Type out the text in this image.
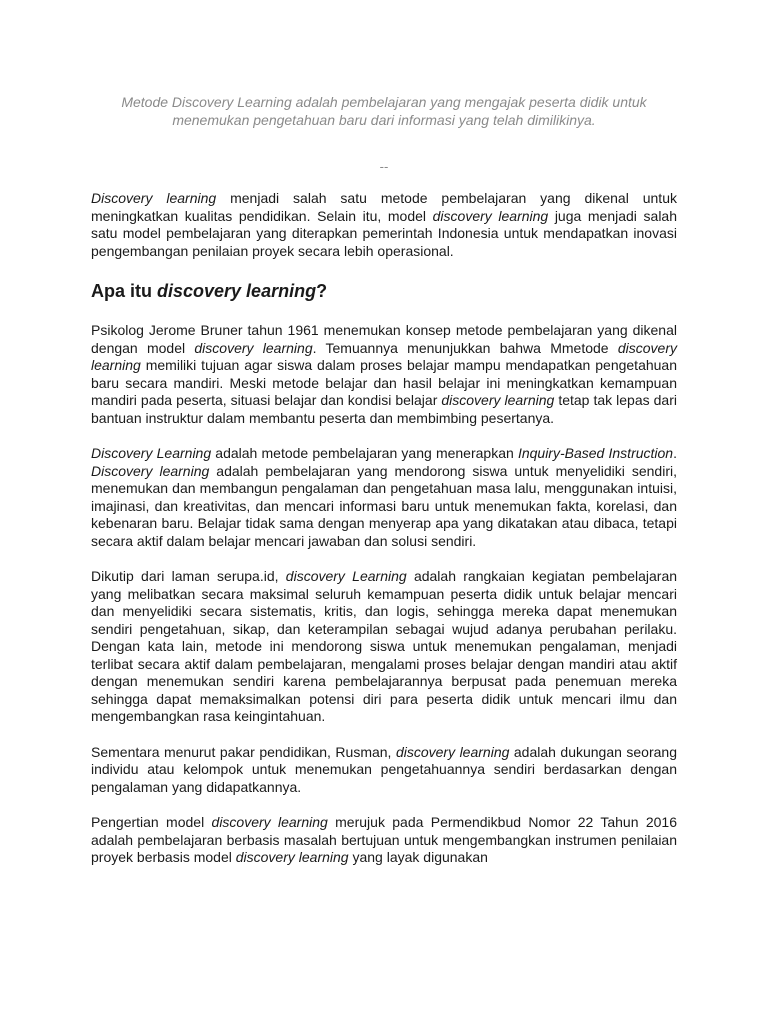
Metode Discovery Learning adalah pembelajaran yang mengajak peserta didik untuk
menemukan pengetahuan baru dari informasi yang telah dimilikinya.

--

Discovery learning menjadi salah satu metode pembelajaran yang dikenal untuk meningkatkan kualitas pendidikan. Selain itu, model discovery learning juga menjadi salah satu model pembelajaran yang diterapkan pemerintah Indonesia untuk mendapatkan inovasi pengembangan penilaian proyek secara lebih operasional.

Apa itu discovery learning?

Psikolog Jerome Bruner tahun 1961 menemukan konsep metode pembelajaran yang dikenal dengan model discovery learning. Temuannya menunjukkan bahwa Mmetode discovery learning memiliki tujuan agar siswa dalam proses belajar mampu mendapatkan pengetahuan baru secara mandiri. Meski metode belajar dan hasil belajar ini meningkatkan kemampuan mandiri pada peserta, situasi belajar dan kondisi belajar discovery learning tetap tak lepas dari bantuan instruktur dalam membantu peserta dan membimbing pesertanya.

Discovery Learning adalah metode pembelajaran yang menerapkan Inquiry-Based Instruction. Discovery learning adalah pembelajaran yang mendorong siswa untuk menyelidiki sendiri, menemukan dan membangun pengalaman dan pengetahuan masa lalu, menggunakan intuisi, imajinasi, dan kreativitas, dan mencari informasi baru untuk menemukan fakta, korelasi, dan kebenaran baru. Belajar tidak sama dengan menyerap apa yang dikatakan atau dibaca, tetapi secara aktif dalam belajar mencari jawaban dan solusi sendiri.

Dikutip dari laman serupa.id, discovery Learning adalah rangkaian kegiatan pembelajaran yang melibatkan secara maksimal seluruh kemampuan peserta didik untuk belajar mencari dan menyelidiki secara sistematis, kritis, dan logis, sehingga mereka dapat menemukan sendiri pengetahuan, sikap, dan keterampilan sebagai wujud adanya perubahan perilaku. Dengan kata lain, metode ini mendorong siswa untuk menemukan pengalaman, menjadi terlibat secara aktif dalam pembelajaran, mengalami proses belajar dengan mandiri atau aktif dengan menemukan sendiri karena pembelajarannya berpusat pada penemuan mereka sehingga dapat memaksimalkan potensi diri para peserta didik untuk mencari ilmu dan mengembangkan rasa keingintahuan.

Sementara menurut pakar pendidikan, Rusman, discovery learning adalah dukungan seorang individu atau kelompok untuk menemukan pengetahuannya sendiri berdasarkan dengan pengalaman yang didapatkannya.

Pengertian model discovery learning merujuk pada Permendikbud Nomor 22 Tahun 2016 adalah pembelajaran berbasis masalah bertujuan untuk mengembangkan instrumen penilaian proyek berbasis model discovery learning yang layak digunakan
